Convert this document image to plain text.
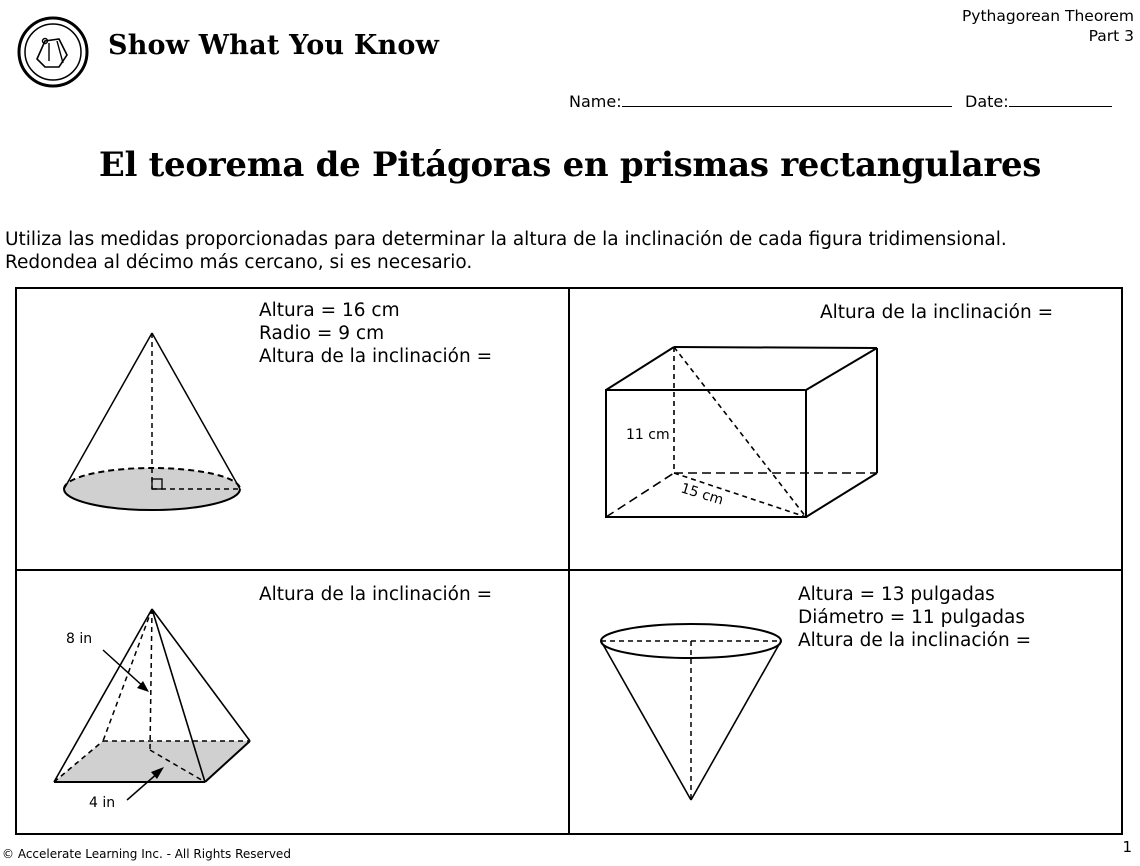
Show What You Know
Pythagorean Theorem
Part 3
Name:	Date:
El teorema de Pitágoras en prismas rectangulares
Utiliza las medidas proporcionadas para determinar la altura de la inclinación de cada figura tridimensional.
Redondea al décimo más cercano, si es necesario.
Altura = 16 cm
Radio = 9 cm
Altura de la inclinación =
Altura de la inclinación =
11 cm
15 cm
Altura de la inclinación =
8 in
4 in
Altura = 13 pulgadas
Diámetro = 11 pulgadas
Altura de la inclinación =
© Accelerate Learning Inc. - All Rights Reserved	1
